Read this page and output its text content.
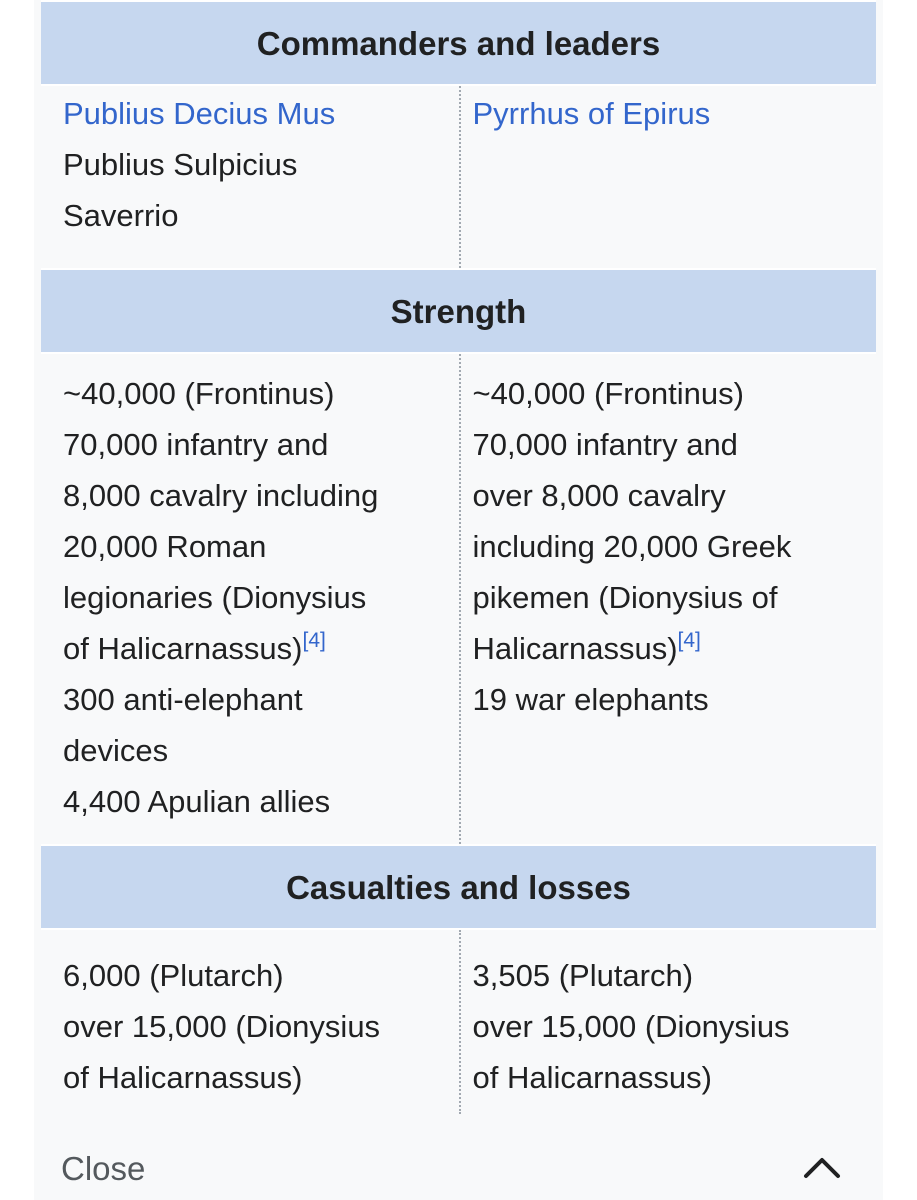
Commanders and leaders
Publius Decius Mus
Publius Sulpicius
Saverrio
Pyrrhus of Epirus
Strength
~40,000 (Frontinus)
70,000 infantry and
8,000 cavalry including
20,000 Roman
legionaries (Dionysius
of Halicarnassus)[4]
300 anti-elephant
devices
4,400 Apulian allies
~40,000 (Frontinus)
70,000 infantry and
over 8,000 cavalry
including 20,000 Greek
pikemen (Dionysius of
Halicarnassus)[4]
19 war elephants
Casualties and losses
6,000 (Plutarch)
over 15,000 (Dionysius
of Halicarnassus)
3,505 (Plutarch)
over 15,000 (Dionysius
of Halicarnassus)
Close
